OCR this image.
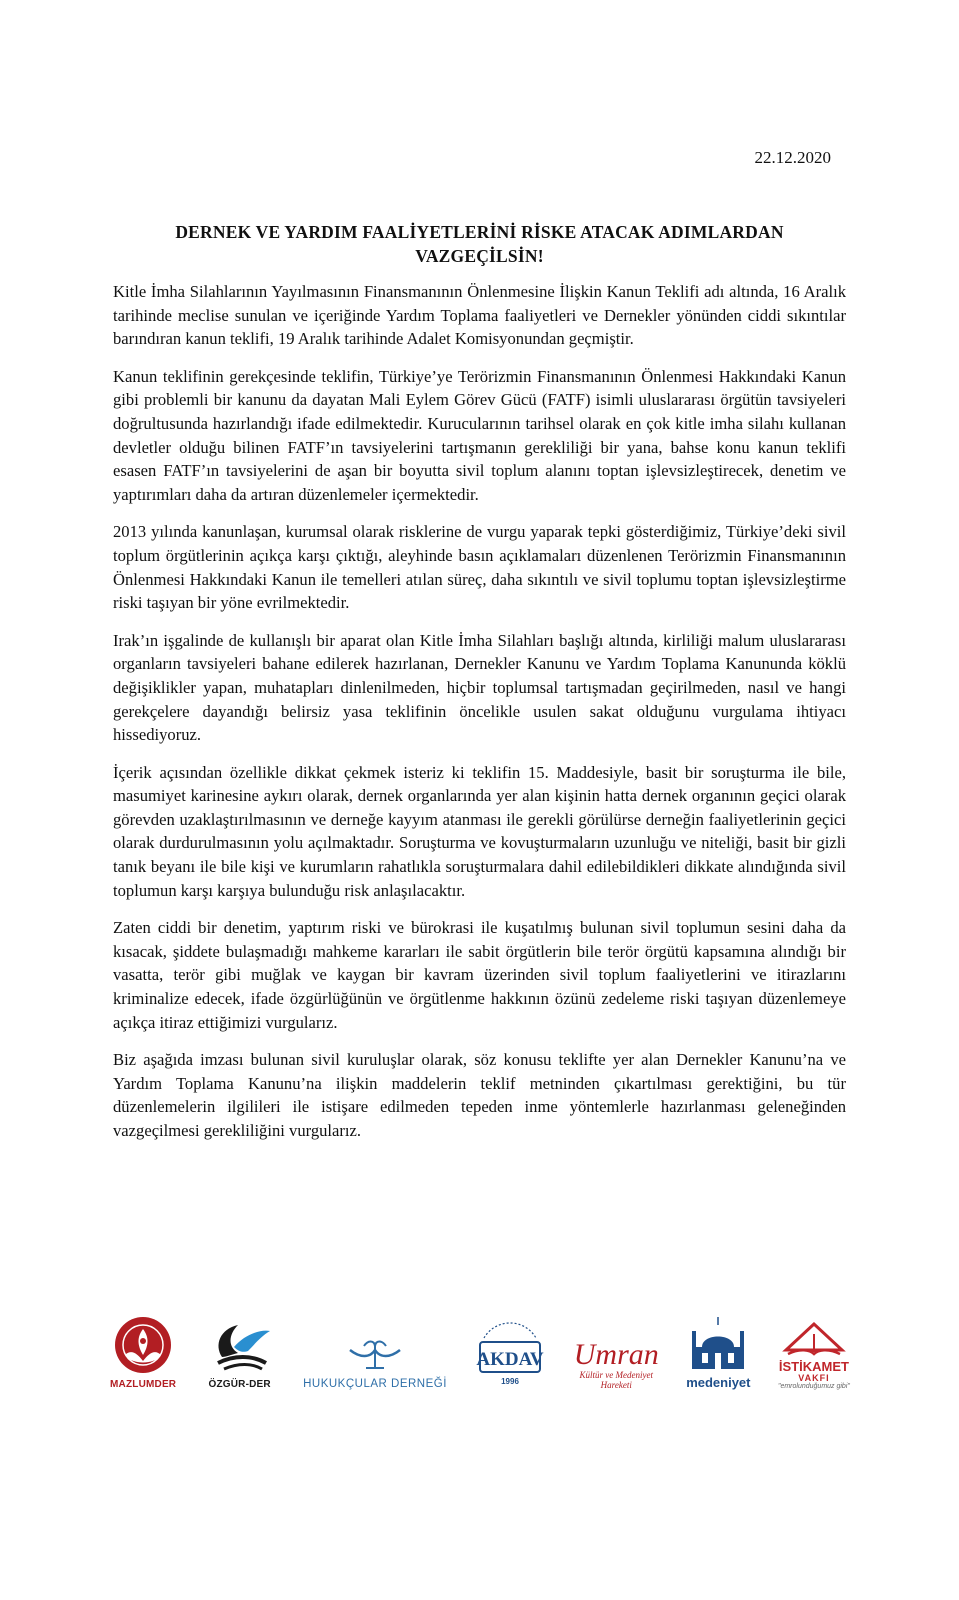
22.12.2020
DERNEK VE YARDIM FAALİYETLERİNİ RİSKE ATACAK ADIMLARDAN
VAZGEÇİLSİN!

Kitle İmha Silahlarının Yayılmasının Finansmanının Önlenmesine İlişkin Kanun Teklifi adı altında, 16 Aralık tarihinde meclise sunulan ve içeriğinde Yardım Toplama faaliyetleri ve Dernekler yönünden ciddi sıkıntılar barındıran kanun teklifi, 19 Aralık tarihinde Adalet Komisyonundan geçmiştir.

Kanun teklifinin gerekçesinde teklifin, Türkiye’ye Terörizmin Finansmanının Önlenmesi Hakkındaki Kanun gibi problemli bir kanunu da dayatan Mali Eylem Görev Gücü (FATF) isimli uluslararası örgütün tavsiyeleri doğrultusunda hazırlandığı ifade edilmektedir. Kurucularının tarihsel olarak en çok kitle imha silahı kullanan devletler olduğu bilinen FATF’ın tavsiyelerini tartışmanın gerekliliği bir yana, bahse konu kanun teklifi esasen FATF’ın tavsiyelerini de aşan bir boyutta sivil toplum alanını toptan işlevsizleştirecek, denetim ve yaptırımları daha da artıran düzenlemeler içermektedir.

2013 yılında kanunlaşan, kurumsal olarak risklerine de vurgu yaparak tepki gösterdiğimiz, Türkiye’deki sivil toplum örgütlerinin açıkça karşı çıktığı, aleyhinde basın açıklamaları düzenlenen Terörizmin Finansmanının Önlenmesi Hakkındaki Kanun ile temelleri atılan süreç, daha sıkıntılı ve sivil toplumu toptan işlevsizleştirme riski taşıyan bir yöne evrilmektedir.

Irak’ın işgalinde de kullanışlı bir aparat olan Kitle İmha Silahları başlığı altında, kirliliği malum uluslararası organların tavsiyeleri bahane edilerek hazırlanan, Dernekler Kanunu ve Yardım Toplama Kanununda köklü değişiklikler yapan, muhatapları dinlenilmeden, hiçbir toplumsal tartışmadan geçirilmeden, nasıl ve hangi gerekçelere dayandığı belirsiz yasa teklifinin öncelikle usulen sakat olduğunu vurgulama ihtiyacı hissediyoruz.

İçerik açısından özellikle dikkat çekmek isteriz ki teklifin 15. Maddesiyle, basit bir soruşturma ile bile, masumiyet karinesine aykırı olarak, dernek organlarında yer alan kişinin hatta dernek organının geçici olarak görevden uzaklaştırılmasının ve derneğe kayyım atanması ile gerekli görülürse derneğin faaliyetlerinin geçici olarak durdurulmasının yolu açılmaktadır. Soruşturma ve kovuşturmaların uzunluğu ve niteliği, basit bir gizli tanık beyanı ile bile kişi ve kurumların rahatlıkla soruşturmalara dahil edilebildikleri dikkate alındığında sivil toplumun karşı karşıya bulunduğu risk anlaşılacaktır.

Zaten ciddi bir denetim, yaptırım riski ve bürokrasi ile kuşatılmış bulunan sivil toplumun sesini daha da kısacak, şiddete bulaşmadığı mahkeme kararları ile sabit örgütlerin bile terör örgütü kapsamına alındığı bir vasatta, terör gibi muğlak ve kaygan bir kavram üzerinden sivil toplum faaliyetlerini ve itirazlarını kriminalize edecek, ifade özgürlüğünün ve örgütlenme hakkının özünü zedeleme riski taşıyan düzenlemeye açıkça itiraz ettiğimizi vurgularız.

Biz aşağıda imzası bulunan sivil kuruluşlar olarak, söz konusu teklifte yer alan Dernekler Kanunu’na ve Yardım Toplama Kanunu’na ilişkin maddelerin teklif metninden çıkartılması gerektiğini, bu tür düzenlemelerin ilgilileri ile istişare edilmeden tepeden inme yöntemlerle hazırlanması geleneğinden vazgeçilmesi gerekliliğini vurgularız.

MAZLUMDER	ÖZGÜR-DER	HUKUKÇULAR DERNEĞİ
AKDAV
1996
Umran
Kültür ve Medeniyet
Hareketi	medeniyet
İSTİKAMET
VAKFI
"emrolunduğumuz gibi"
